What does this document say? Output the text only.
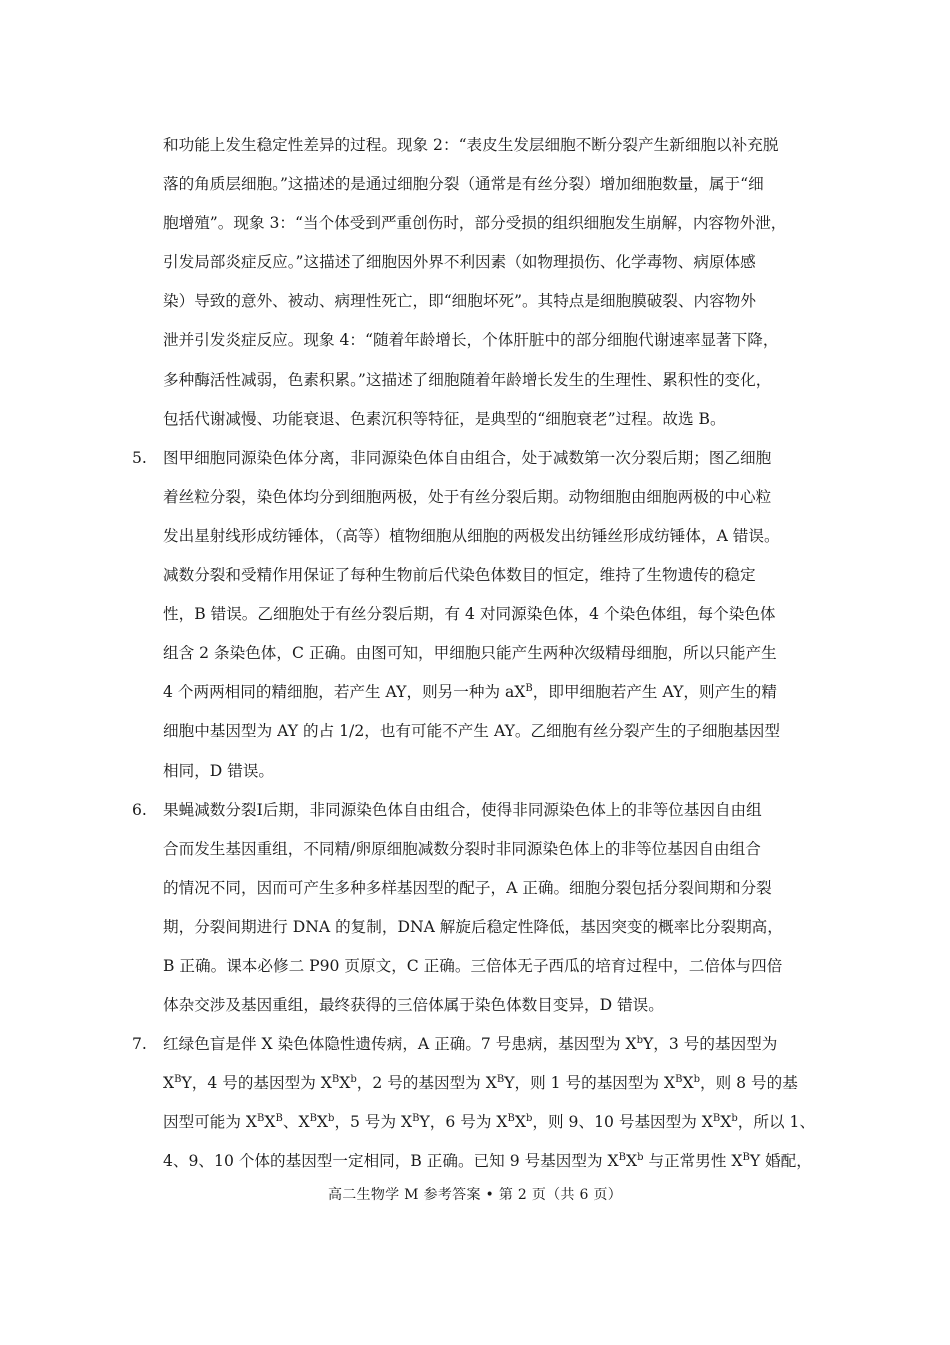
和功能上发生稳定性差异的过程。现象 2：“表皮生发层细胞不断分裂产生新细胞以补充脱
落的角质层细胞。”这描述的是通过细胞分裂（通常是有丝分裂）增加细胞数量，属于“细
胞增殖”。现象 3：“当个体受到严重创伤时，部分受损的组织细胞发生崩解，内容物外泄，
引发局部炎症反应。”这描述了细胞因外界不利因素（如物理损伤、化学毒物、病原体感
染）导致的意外、被动、病理性死亡，即“细胞坏死”。其特点是细胞膜破裂、内容物外
泄并引发炎症反应。现象 4：“随着年龄增长，个体肝脏中的部分细胞代谢速率显著下降，
多种酶活性减弱，色素积累。”这描述了细胞随着年龄增长发生的生理性、累积性的变化，
包括代谢减慢、功能衰退、色素沉积等特征，是典型的“细胞衰老”过程。故选 B。

5. 图甲细胞同源染色体分离，非同源染色体自由组合，处于减数第一次分裂后期；图乙细胞
着丝粒分裂，染色体均分到细胞两极，处于有丝分裂后期。动物细胞由细胞两极的中心粒
发出星射线形成纺锤体，（高等）植物细胞从细胞的两极发出纺锤丝形成纺锤体，A 错误。
减数分裂和受精作用保证了每种生物前后代染色体数目的恒定，维持了生物遗传的稳定
性，B 错误。乙细胞处于有丝分裂后期，有 4 对同源染色体，4 个染色体组，每个染色体
组含 2 条染色体，C 正确。由图可知，甲细胞只能产生两种次级精母细胞，所以只能产生
4 个两两相同的精细胞，若产生 AY，则另一种为 $aX^B$，即甲细胞若产生 AY，则产生的精
细胞中基因型为 AY 的占 1/2，也有可能不产生 AY。乙细胞有丝分裂产生的子细胞基因型
相同，D 错误。

6. 果蝇减数分裂Ⅰ后期，非同源染色体自由组合，使得非同源染色体上的非等位基因自由组
合而发生基因重组，不同精/卵原细胞减数分裂时非同源染色体上的非等位基因自由组合
的情况不同，因而可产生多种多样基因型的配子，A 正确。细胞分裂包括分裂间期和分裂
期，分裂间期进行 DNA 的复制，DNA 解旋后稳定性降低，基因突变的概率比分裂期高，
B 正确。课本必修二 P90 页原文，C 正确。三倍体无子西瓜的培育过程中，二倍体与四倍
体杂交涉及基因重组，最终获得的三倍体属于染色体数目变异，D 错误。

7. 红绿色盲是伴 X 染色体隐性遗传病，A 正确。7 号患病，基因型为 $X^bY$，3 号的基因型为
$X^BY$，4 号的基因型为 $X^BX^b$，2 号的基因型为 $X^BY$，则 1 号的基因型为 $X^BX^b$，则 8 号的基
因型可能为 $X^BX^B$、$X^BX^b$，5 号为 $X^BY$，6 号为 $X^BX^b$，则 9、10 号基因型为 $X^BX^b$，所以 1、
4、9、10 个体的基因型一定相同，B 正确。已知 9 号基因型为 $X^BX^b$ 与正常男性 $X^BY$ 婚配，

高二生物学 M 参考答案 • 第 2 页（共 6 页）
